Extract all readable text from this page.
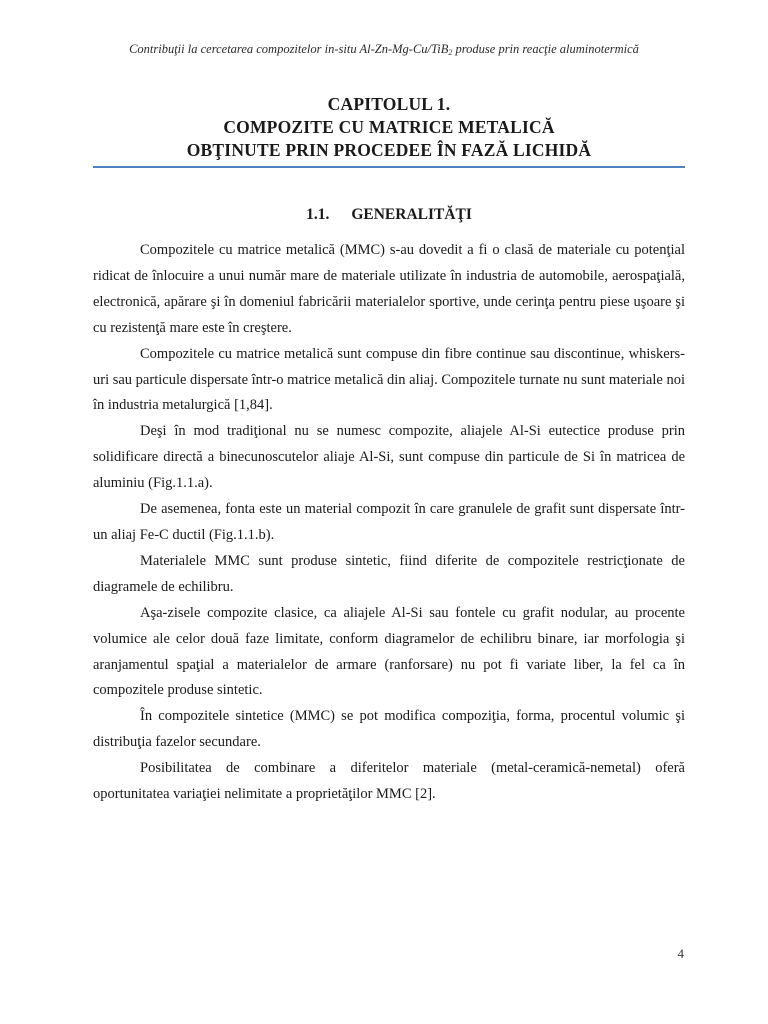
Contribuţii la cercetarea compozitelor in-situ Al-Zn-Mg-Cu/TiB$_2$ produse prin reacţie aluminotermică
CAPITOLUL 1.
COMPOZITE CU MATRICE METALICĂ
OBŢINUTE PRIN PROCEDEE ÎN FAZĂ LICHIDĂ
1.1. GENERALITĂŢI

Compozitele cu matrice metalică (MMC) s-au dovedit a fi o clasă de materiale cu potenţial ridicat de înlocuire a unui număr mare de materiale utilizate în industria de automobile, aerospaţială, electronică, apărare şi în domeniul fabricării materialelor sportive, unde cerinţa pentru piese uşoare şi cu rezistenţă mare este în creştere.

Compozitele cu matrice metalică sunt compuse din fibre continue sau discontinue, whiskers-uri sau particule dispersate într-o matrice metalică din aliaj. Compozitele turnate nu sunt materiale noi în industria metalurgică [1,84].

Deşi în mod tradiţional nu se numesc compozite, aliajele Al-Si eutectice produse prin solidificare directă a binecunoscutelor aliaje Al-Si, sunt compuse din particule de Si în matricea de aluminiu (Fig.1.1.a).

De asemenea, fonta este un material compozit în care granulele de grafit sunt dispersate într-un aliaj Fe-C ductil (Fig.1.1.b).

Materialele MMC sunt produse sintetic, fiind diferite de compozitele restricţionate de diagramele de echilibru.

Aşa-zisele compozite clasice, ca aliajele Al-Si sau fontele cu grafit nodular, au procente volumice ale celor două faze limitate, conform diagramelor de echilibru binare, iar morfologia şi aranjamentul spaţial a materialelor de armare (ranforsare) nu pot fi variate liber, la fel ca în compozitele produse sintetic.

În compozitele sintetice (MMC) se pot modifica compoziţia, forma, procentul volumic şi distribuţia fazelor secundare.

Posibilitatea de combinare a diferitelor materiale (metal-ceramică-nemetal) oferă oportunitatea variaţiei nelimitate a proprietăţilor MMC [2].

4
